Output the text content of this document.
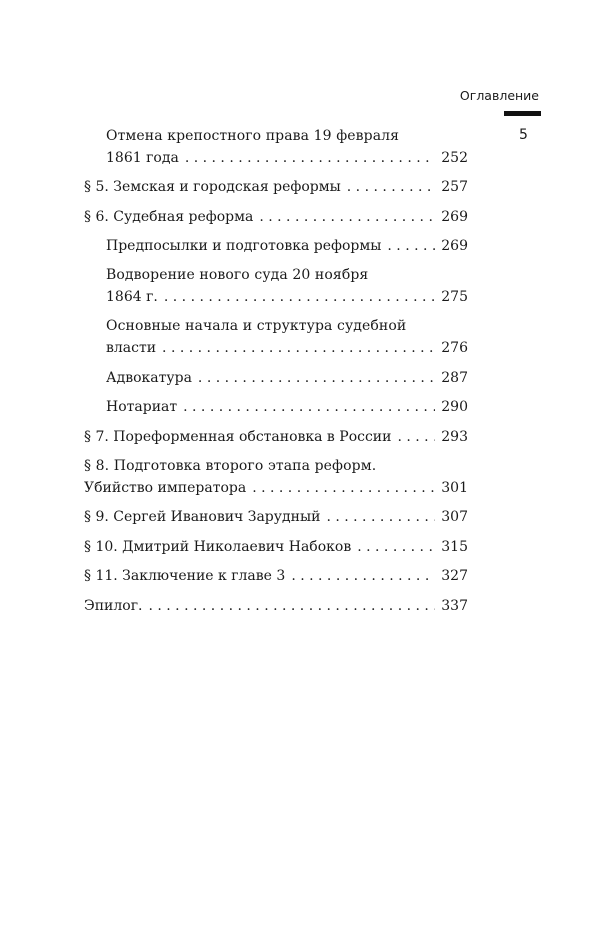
Оглавление
5
Отмена крепостного права 19 февраля
1861 года . . .	252
§ 5. Земская и городская реформы . . .	257
§ 6. Судебная реформа . . .	269
Предпосылки и подготовка реформы . . .	269
Водворение нового суда 20 ноября
1864 г. . . .	275
Основные начала и структура судебной
власти . . .	276
Адвокатура . . .	287
Нотариат . . .	290
§ 7. Пореформенная обстановка в России . . .	293
§ 8. Подготовка второго этапа реформ.
Убийство императора . . .	301
§ 9. Сергей Иванович Зарудный . . .	307
§ 10. Дмитрий Николаевич Набоков . . .	315
§ 11. Заключение к главе 3 . . .	327
Эпилог. . . .	337
